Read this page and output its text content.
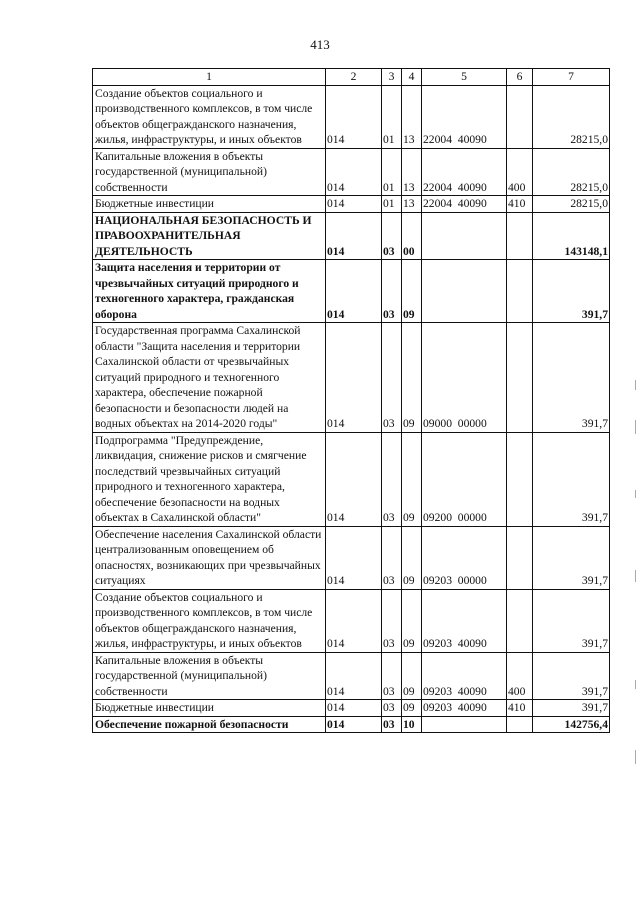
413
1	2	3	4	5	6	7
Создание объектов социального и производственного комплексов, в том числе объектов общегражданского назначения, жилья, инфраструктуры, и иных объектов	014	01	13	22004  40090		28215,0
Капитальные вложения в объекты государственной (муниципальной) собственности	014	01	13	22004  40090	400	28215,0
Бюджетные инвестиции	014	01	13	22004  40090	410	28215,0
НАЦИОНАЛЬНАЯ БЕЗОПАСНОСТЬ И ПРАВООХРАНИТЕЛЬНАЯ ДЕЯТЕЛЬНОСТЬ	014	03	00			143148,1
Защита населения и территории от чрезвычайных ситуаций природного и техногенного характера, гражданская оборона	014	03	09			391,7
Государственная программа Сахалинской области "Защита населения и территории Сахалинской области от чрезвычайных ситуаций природного и техногенного характера, обеспечение пожарной безопасности и безопасности людей на водных объектах на 2014-2020 годы"	014	03	09	09000  00000		391,7
Подпрограмма "Предупреждение, ликвидация, снижение рисков и смягчение последствий чрезвычайных ситуаций природного и техногенного характера, обеспечение безопасности на водных объектах в Сахалинской области"	014	03	09	09200  00000		391,7
Обеспечение населения Сахалинской области централизованным оповещением об опасностях, возникающих при чрезвычайных ситуациях	014	03	09	09203  00000		391,7
Создание объектов социального и производственного комплексов, в том числе объектов общегражданского назначения, жилья, инфраструктуры, и иных объектов	014	03	09	09203  40090		391,7
Капитальные вложения в объекты государственной (муниципальной) собственности	014	03	09	09203  40090	400	391,7
Бюджетные инвестиции	014	03	09	09203  40090	410	391,7
Обеспечение пожарной безопасности	014	03	10			142756,4
